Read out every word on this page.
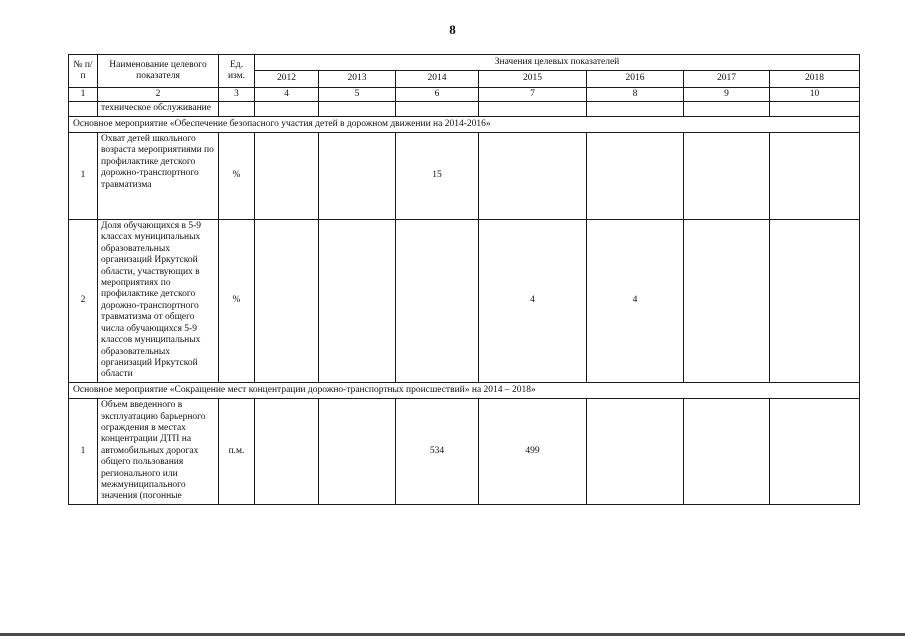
8
№ п/п	Наименование целевого показателя	Ед. изм.	Значения целевых показателей						
			2012	2013	2014	2015	2016	2017	2018
1	2	3	4	5	6	7	8	9	10
	техническое обслуживание								
Основное мероприятие «Обеспечение безопасного участия детей в дорожном движении на 2014-2016»									
1	Охват детей школьного возраста мероприятиями по профилактике детского дорожно-транспортного травматизма	%			15				
2	Доля обучающихся в 5-9 классах муниципальных образовательных организаций Иркутской области, участвующих в мероприятиях по профилактике детского дорожно-транспортного травматизма от общего числа обучающихся 5-9 классов муниципальных образовательных организаций Иркутской области	%				4	4		
Основное мероприятие «Сокращение мест концентрации дорожно-транспортных происшествий» на 2014 – 2018»									
1	Объем введенного в эксплуатацию барьерного ограждения в местах концентрации ДТП на автомобильных дорогах общего пользования регионального или межмуниципального значения (погонные	п.м.			534	499			
